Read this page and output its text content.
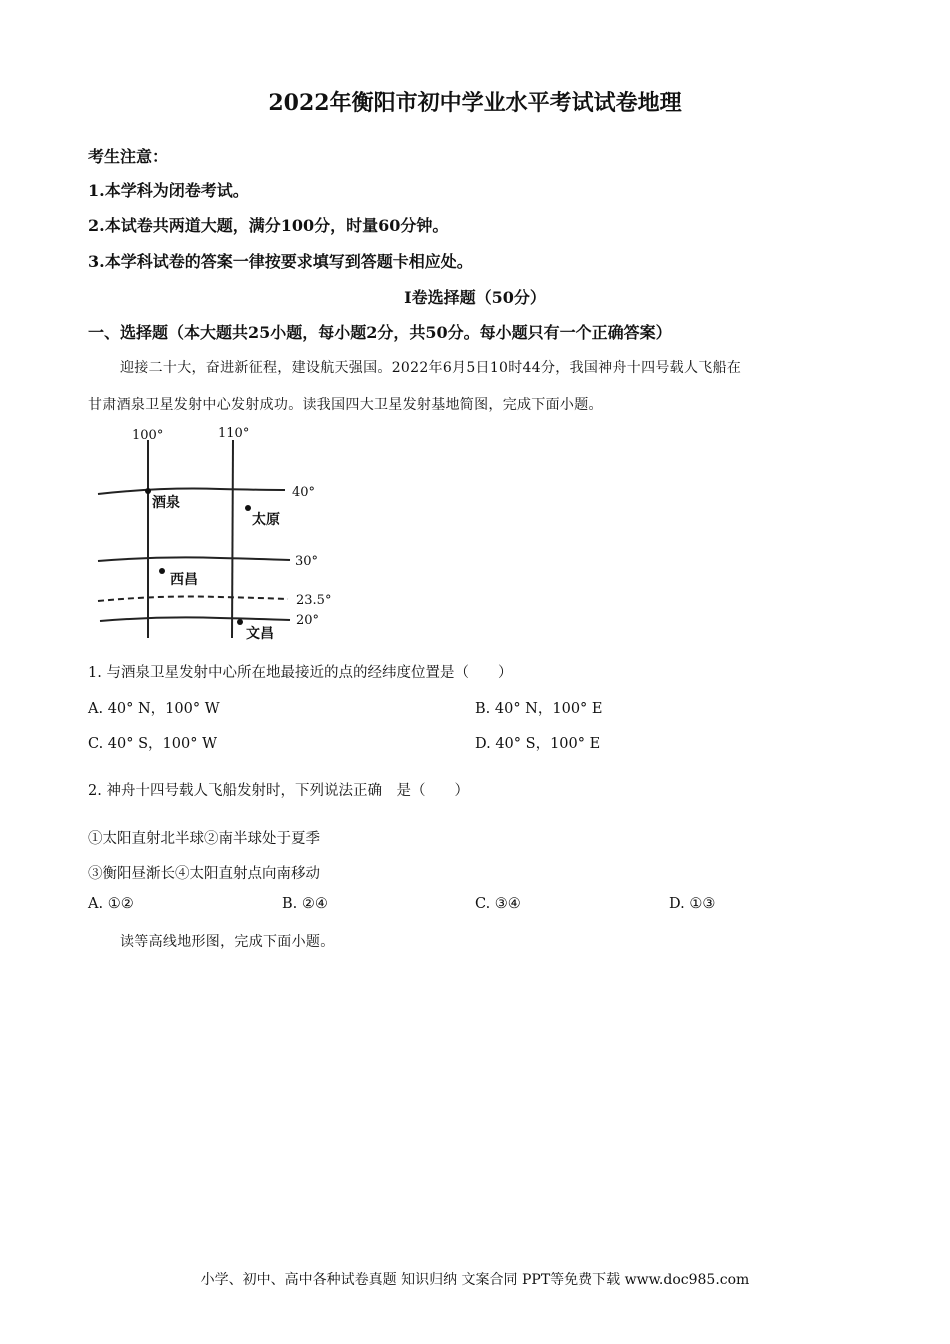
2022年衡阳市初中学业水平考试试卷地理
考生注意：
1.本学科为闭卷考试。
2.本试卷共两道大题，满分100分，时量60分钟。
3.本学科试卷的答案一律按要求填写到答题卡相应处。
I卷选择题（50分）
一、选择题（本大题共25小题，每小题2分，共50分。每小题只有一个正确答案）
迎接二十大，奋进新征程，建设航天强国。2022年6月5日10时44分，我国神舟十四号载人飞船在
甘肃酒泉卫星发射中心发射成功。读我国四大卫星发射基地简图，完成下面小题。
100°	110°
40°
30°
23.5°
20°
酒泉
太原
西昌
文昌
1. 与酒泉卫星发射中心所在地最接近的点的经纬度位置是（　　）
A. 40° N，100° W	B. 40° N，100° E
C. 40° S，100° W	D. 40° S，100° E
2. 神舟十四号载人飞船发射时，下列说法正确　是（　　）
①太阳直射北半球②南半球处于夏季
③衡阳昼渐长④太阳直射点向南移动
A. ①②	B. ②④	C. ③④	D. ①③
读等高线地形图，完成下面小题。
小学、初中、高中各种试卷真题 知识归纳 文案合同 PPT等免费下载 www.doc985.com
